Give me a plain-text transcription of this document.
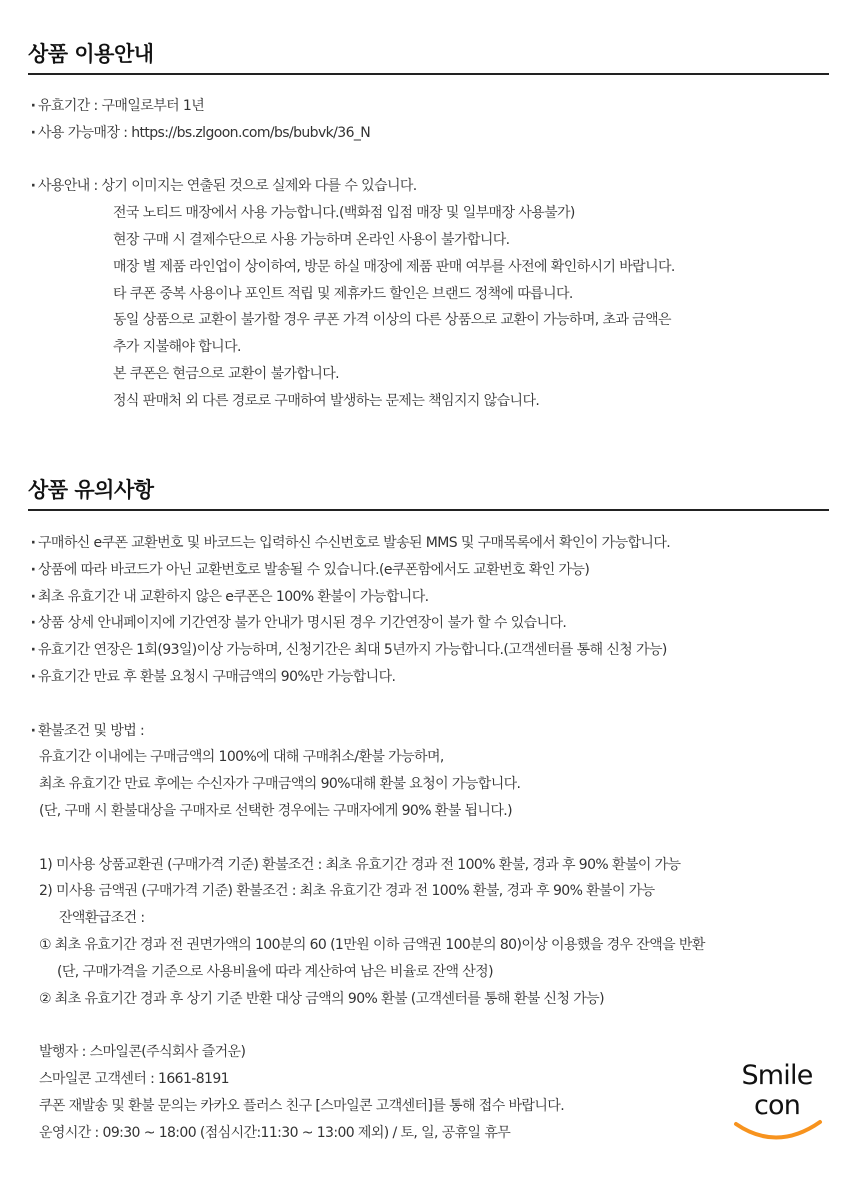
상품 이용안내
· 유효기간 : 구매일로부터 1년
· 사용 가능매장 : https://bs.zlgoon.com/bs/bubvk/36_N
· 사용안내 : 상기 이미지는 연출된 것으로 실제와 다를 수 있습니다.
전국 노티드 매장에서 사용 가능합니다.(백화점 입점 매장 및 일부매장 사용불가)
현장 구매 시 결제수단으로 사용 가능하며 온라인 사용이 불가합니다.
매장 별 제품 라인업이 상이하여, 방문 하실 매장에 제품 판매 여부를 사전에 확인하시기 바랍니다.
타 쿠폰 중복 사용이나 포인트 적립 및 제휴카드 할인은 브랜드 정책에 따릅니다.
동일 상품으로 교환이 불가할 경우 쿠폰 가격 이상의 다른 상품으로 교환이 가능하며, 초과 금액은
추가 지불해야 합니다.
본 쿠폰은 현금으로 교환이 불가합니다.
정식 판매처 외 다른 경로로 구매하여 발생하는 문제는 책임지지 않습니다.
상품 유의사항
· 구매하신 e쿠폰 교환번호 및 바코드는 입력하신 수신번호로 발송된 MMS 및 구매목록에서 확인이 가능합니다.
· 상품에 따라 바코드가 아닌 교환번호로 발송될 수 있습니다.(e쿠폰함에서도 교환번호 확인 가능)
· 최초 유효기간 내 교환하지 않은 e쿠폰은 100% 환불이 가능합니다.
· 상품 상세 안내페이지에 기간연장 불가 안내가 명시된 경우 기간연장이 불가 할 수 있습니다.
· 유효기간 연장은 1회(93일)이상 가능하며, 신청기간은 최대 5년까지 가능합니다.(고객센터를 통해 신청 가능)
· 유효기간 만료 후 환불 요청시 구매금액의 90%만 가능합니다.
· 환불조건 및 방법 :
유효기간 이내에는 구매금액의 100%에 대해 구매취소/환불 가능하며,
최초 유효기간 만료 후에는 수신자가 구매금액의 90%대해 환불 요청이 가능합니다.
(단, 구매 시 환불대상을 구매자로 선택한 경우에는 구매자에게 90% 환불 됩니다.)
1) 미사용 상품교환권 (구매가격 기준) 환불조건 : 최초 유효기간 경과 전 100% 환불, 경과 후 90% 환불이 가능
2) 미사용 금액권 (구매가격 기준) 환불조건 : 최초 유효기간 경과 전 100% 환불, 경과 후 90% 환불이 가능
잔액환급조건 :
① 최초 유효기간 경과 전 권면가액의 100분의 60 (1만원 이하 금액권 100분의 80)이상 이용했을 경우 잔액을 반환
(단, 구매가격을 기준으로 사용비율에 따라 계산하여 남은 비율로 잔액 산정)
② 최초 유효기간 경과 후 상기 기준 반환 대상 금액의 90% 환불 (고객센터를 통해 환불 신청 가능)
발행자 : 스마일콘(주식회사 즐거운)
스마일콘 고객센터 : 1661-8191
쿠폰 재발송 및 환불 문의는 카카오 플러스 친구 [스마일콘 고객센터]를 통해 접수 바랍니다.
운영시간 : 09:30 ~ 18:00 (점심시간:11:30 ~ 13:00 제외) / 토, 일, 공휴일 휴무
Smile
con
